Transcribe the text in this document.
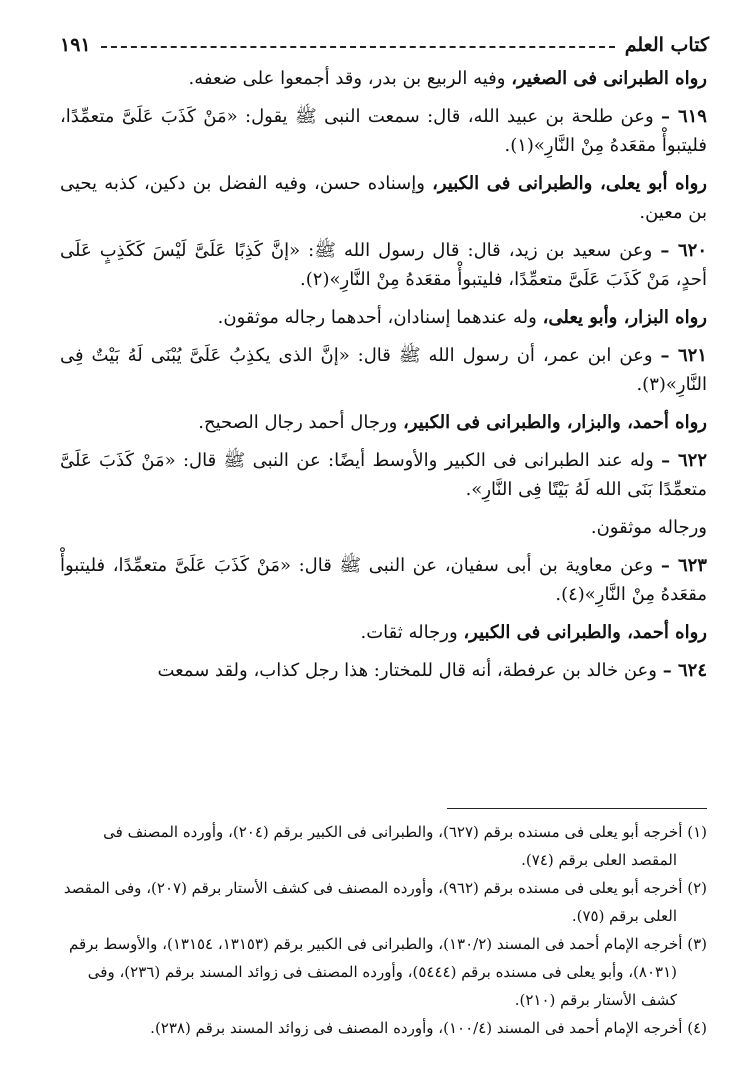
كتاب العلم
١٩١

رواه الطبرانى فى الصغير، وفيه الربيع بن بدر، وقد أجمعوا على ضعفه.

٦١٩ – وعن طلحة بن عبيد الله، قال: سمعت النبى ﷺ يقول: «مَنْ كَذَبَ عَلَىَّ متعمِّدًا، فليتبوأْ مقعَدهُ مِنْ النَّارِ»(١).

رواه أبو يعلى، والطبرانى فى الكبير، وإسناده حسن، وفيه الفضل بن دكين، كذبه يحيى بن معين.

٦٢٠ – وعن سعيد بن زيد، قال: قال رسول الله ﷺ: «إنَّ كَذِبًا عَلَىَّ لَيْسَ كَكَذِبٍ عَلَى أحدٍ، مَنْ كَذَبَ عَلَىَّ متعمِّدًا، فليتبوأْ مقعَدهُ مِنْ النَّارِ»(٢).

رواه البزار، وأبو يعلى، وله عندهما إسنادان، أحدهما رجاله موثقون.

٦٢١ – وعن ابن عمر، أن رسول الله ﷺ قال: «إنَّ الذى يكذِبُ عَلَىَّ يُبْنَى لَهُ بَيْتٌ فِى النَّارِ»(٣).

رواه أحمد، والبزار، والطبرانى فى الكبير، ورجال أحمد رجال الصحيح.

٦٢٢ – وله عند الطبرانى فى الكبير والأوسط أيضًا: عن النبى ﷺ قال: «مَنْ كَذَبَ عَلَىَّ متعمِّدًا بَنَى الله لَهُ بَيْتًا فِى النَّارِ».

ورجاله موثقون.

٦٢٣ – وعن معاوية بن أبى سفيان، عن النبى ﷺ قال: «مَنْ كَذَبَ عَلَىَّ متعمِّدًا، فليتبوأْ مقعَدهُ مِنْ النَّارِ»(٤).

رواه أحمد، والطبرانى فى الكبير، ورجاله ثقات.

٦٢٤ – وعن خالد بن عرفطة، أنه قال للمختار: هذا رجل كذاب، ولقد سمعت

(١) أخرجه أبو يعلى فى مسنده برقم (٦٢٧)، والطبرانى فى الكبير برقم (٢٠٤)، وأورده المصنف فى المقصد العلى برقم (٧٤).

(٢) أخرجه أبو يعلى فى مسنده برقم (٩٦٢)، وأورده المصنف فى كشف الأستار برقم (٢٠٧)، وفى المقصد العلى برقم (٧٥).

(٣) أخرجه الإمام أحمد فى المسند (١٣٠/٢)، والطبرانى فى الكبير برقم (١٣١٥٣، ١٣١٥٤)، والأوسط برقم (٨٠٣١)، وأبو يعلى فى مسنده برقم (٥٤٤٤)، وأورده المصنف فى زوائد المسند برقم (٢٣٦)، وفى كشف الأستار برقم (٢١٠).

(٤) أخرجه الإمام أحمد فى المسند (١٠٠/٤)، وأورده المصنف فى زوائد المسند برقم (٢٣٨).
